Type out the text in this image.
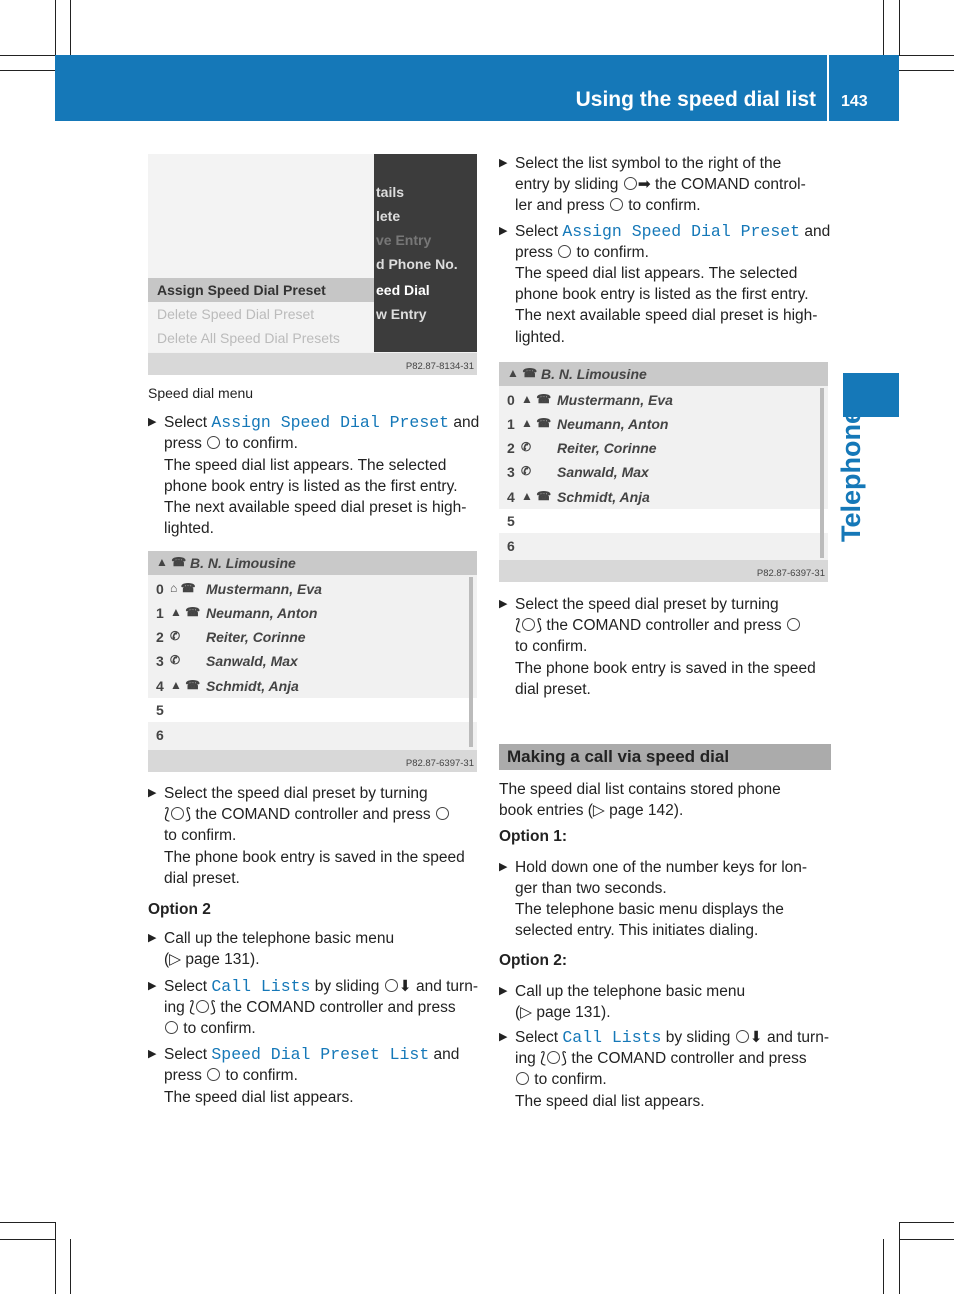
Using the speed dial list 143
Telephone
Assign Speed Dial Preset
Delete Speed Dial Preset
Delete All Speed Dial Presets
tails
lete
ve Entry
d Phone No.
eed Dial
w Entry
P82.87-8134-31
▲ ☎ B. N. Limousine
0 ⌂ ☎ Mustermann, Eva
1 ▲ ☎ Neumann, Anton
2 ✆ Reiter, Corinne
3 ✆ Sanwald, Max
4 ▲ ☎ Schmidt, Anja
5
6
P82.87-6397-31
▲ ☎ B. N. Limousine
0 ▲ ☎ Mustermann, Eva
1 ▲ ☎ Neumann, Anton
2 ✆ Reiter, Corinne
3 ✆ Sanwald, Max
4 ▲ ☎ Schmidt, Anja
5
6
P82.87-6397-31

Speed dial menu

▶ Select Assign Speed Dial Preset and

press  to confirm.

The speed dial list appears. The selected

phone book entry is listed as the first entry.

The next available speed dial preset is high-

lighted.

▶ Select the speed dial preset by turning

⟅ ⟆ the COMAND controller and press

to confirm.

The phone book entry is saved in the speed

dial preset.

Option 2

▶ Call up the telephone basic menu

(▷ page 131).

▶ Select Call Lists by sliding ⬇ and turn-

ing ⟅ ⟆ the COMAND controller and press

to confirm.

▶ Select Speed Dial Preset List and

press  to confirm.

The speed dial list appears.

▶ Select the list symbol to the right of the

entry by sliding ➡ the COMAND control-

ler and press  to confirm.

▶ Select Assign Speed Dial Preset and

press  to confirm.

The speed dial list appears. The selected

phone book entry is listed as the first entry.

The next available speed dial preset is high-

lighted.

▶ Select the speed dial preset by turning

⟅ ⟆ the COMAND controller and press

to confirm.

The phone book entry is saved in the speed

dial preset.

Making a call via speed dial

The speed dial list contains stored phone

book entries (▷ page 142).

Option 1:

▶ Hold down one of the number keys for lon-

ger than two seconds.

The telephone basic menu displays the

selected entry. This initiates dialing.

Option 2:

▶ Call up the telephone basic menu

(▷ page 131).

▶ Select Call Lists by sliding ⬇ and turn-

ing ⟅ ⟆ the COMAND controller and press

to confirm.

The speed dial list appears.
